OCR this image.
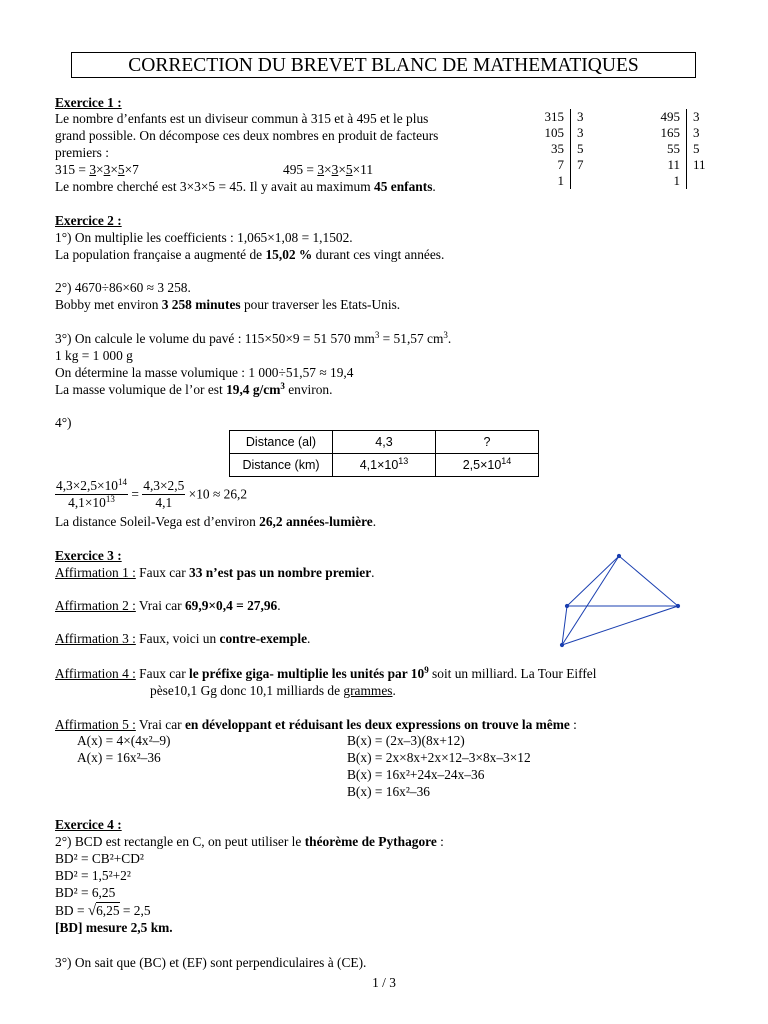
CORRECTION DU BREVET BLANC DE MATHEMATIQUES
Exercice 1 :
Le nombre d’enfants est un diviseur commun à 315 et à 495 et le plus
grand possible. On décompose ces deux nombres en produit de facteurs
premiers :
315 = 3×3×5×7	495 = 3×3×5×11
Le nombre cherché est 3×3×5 = 45. Il y avait au maximum 45 enfants.
315	3
105	3
35	5
7	7
1	
495	3
165	3
55	5
11	11
1	
Exercice 2 :
1°) On multiplie les coefficients : 1,065×1,08 = 1,1502.
La population française a augmenté de 15,02 % durant ces vingt années.
2°) 4670÷86×60 ≈ 3 258.
Bobby met environ 3 258 minutes pour traverser les Etats-Unis.
3°) On calcule le volume du pavé : 115×50×9 = 51 570 $mm^3 = 51,57$ $cm^3$.
1 kg = 1 000 g
On détermine la masse volumique : 1 000÷51,57 ≈ 19,4
La masse volumique de l’or est 19,4 $g/cm^3$ environ.
4°)
Distance (al)	4,3	?
Distance (km)	$4,1\times 10^{13}$	$2,5\times 10^{14}$
$\frac{4,3\times 2,5\times 10^{14}}{4,1\times 10^{13}} = \frac{4,3\times 2,5}{4,1} \times 10 \approx 26,2$
La distance Soleil-Vega est d’environ 26,2 années-lumière.
Exercice 3 :
Affirmation 1 : Faux car 33 n’est pas un nombre premier.
Affirmation 2 : Vrai car 69,9×0,4 = 27,96.
Affirmation 3 : Faux, voici un contre-exemple.
Affirmation 4 : Faux car le préfixe giga- multiplie les unités par $10^9$ soit un milliard. La Tour Eiffel
pèse10,1 Gg donc 10,1 milliards de grammes.
Affirmation 5 : Vrai car en développant et réduisant les deux expressions on trouve la même :
A(x) = 4×(4x²–9)
A(x) = 16x²–36
B(x) = (2x–3)(8x+12)
B(x) = 2x×8x+2x×12–3×8x–3×12
B(x) = 16x²+24x–24x–36
B(x) = 16x²–36
Exercice 4 :
2°) BCD est rectangle en C, on peut utiliser le théorème de Pythagore :
BD² = CB²+CD²
BD² = 1,5²+2²
BD² = 6,25
BD = √6,25 = 2,5
[BD] mesure 2,5 km.
3°) On sait que (BC) et (EF) sont perpendiculaires à (CE).
1 / 3
